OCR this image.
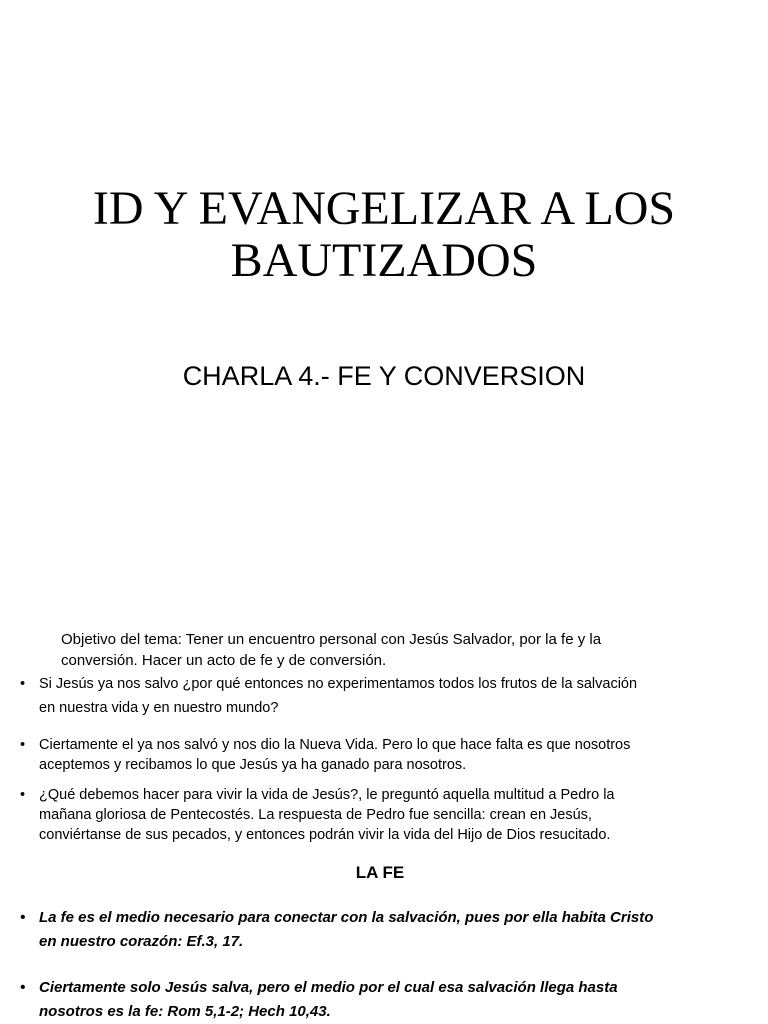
ID Y EVANGELIZAR A LOS
BAUTIZADOS
CHARLA 4.- FE Y CONVERSION

Objetivo del tema: Tener un encuentro personal con Jesús Salvador, por la fe y la
conversión. Hacer un acto de fe y de conversión.

• Si Jesús ya nos salvo ¿por qué entonces no experimentamos todos los frutos de la salvación
en nuestra vida y en nuestro mundo?

• Ciertamente el ya nos salvó y nos dio la Nueva Vida. Pero lo que hace falta es que nosotros
aceptemos y recibamos lo que Jesús ya ha ganado para nosotros.

• ¿Qué debemos hacer para vivir la vida de Jesús?, le preguntó aquella multitud a Pedro la
mañana gloriosa de Pentecostés. La respuesta de Pedro fue sencilla: crean en Jesús,
conviértanse de sus pecados, y entonces podrán vivir la vida del Hijo de Dios resucitado.

LA FE

• La fe es el medio necesario para conectar con la salvación, pues por ella habita Cristo
en nuestro corazón: Ef.3, 17.

• Ciertamente solo Jesús salva, pero el medio por el cual esa salvación llega hasta
nosotros es la fe: Rom 5,1-2; Hech 10,43.
